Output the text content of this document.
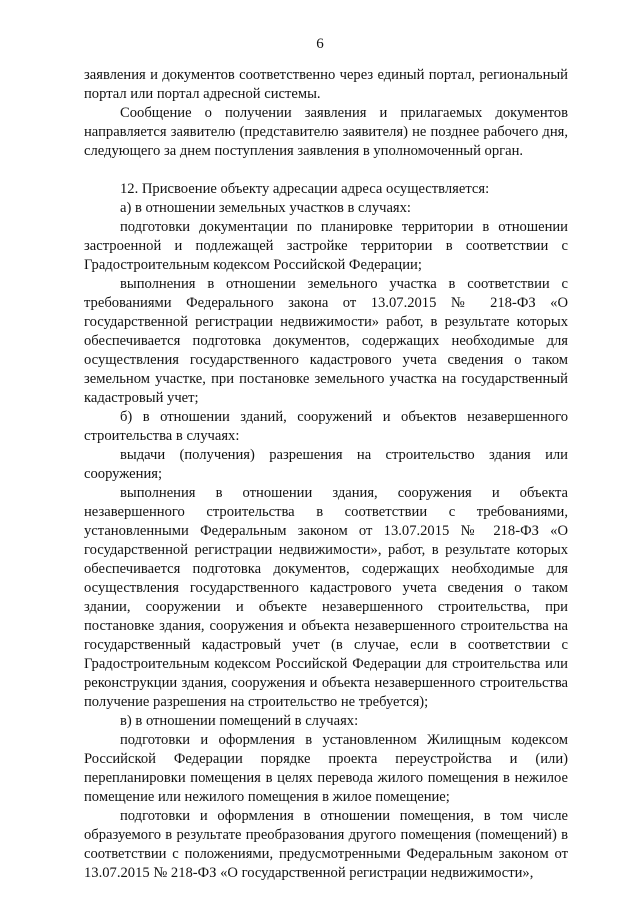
6

заявления и документов соответственно через единый портал, региональный портал или портал адресной системы.

Сообщение о получении заявления и прилагаемых документов направляется заявителю (представителю заявителя) не позднее рабочего дня, следующего за днем поступления заявления в уполномоченный орган.

12. Присвоение объекту адресации адреса осуществляется:

а) в отношении земельных участков в случаях:

подготовки документации по планировке территории в отношении застроенной и подлежащей застройке территории в соответствии с Градостроительным кодексом Российской Федерации;

выполнения в отношении земельного участка в соответствии с требованиями Федерального закона от 13.07.2015 № 218-ФЗ «О государственной регистрации недвижимости» работ, в результате которых обеспечивается подготовка документов, содержащих необходимые для осуществления государственного кадастрового учета сведения о таком земельном участке, при постановке земельного участка на государственный кадастровый учет;

б) в отношении зданий, сооружений и объектов незавершенного строительства в случаях:

выдачи (получения) разрешения на строительство здания или сооружения;

выполнения в отношении здания, сооружения и объекта незавершенного строительства в соответствии с требованиями, установленными Федеральным законом от 13.07.2015 № 218-ФЗ «О государственной регистрации недвижимости», работ, в результате которых обеспечивается подготовка документов, содержащих необходимые для осуществления государственного кадастрового учета сведения о таком здании, сооружении и объекте незавершенного строительства, при постановке здания, сооружения и объекта незавершенного строительства на государственный кадастровый учет (в случае, если в соответствии с Градостроительным кодексом Российской Федерации для строительства или реконструкции здания, сооружения и объекта незавершенного строительства получение разрешения на строительство не требуется);

в) в отношении помещений в случаях:

подготовки и оформления в установленном Жилищным кодексом Российской Федерации порядке проекта переустройства и (или) перепланировки помещения в целях перевода жилого помещения в нежилое помещение или нежилого помещения в жилое помещение;

подготовки и оформления в отношении помещения, в том числе образуемого в результате преобразования другого помещения (помещений) в соответствии с положениями, предусмотренными Федеральным законом от 13.07.2015 № 218-ФЗ «О государственной регистрации недвижимости»,
